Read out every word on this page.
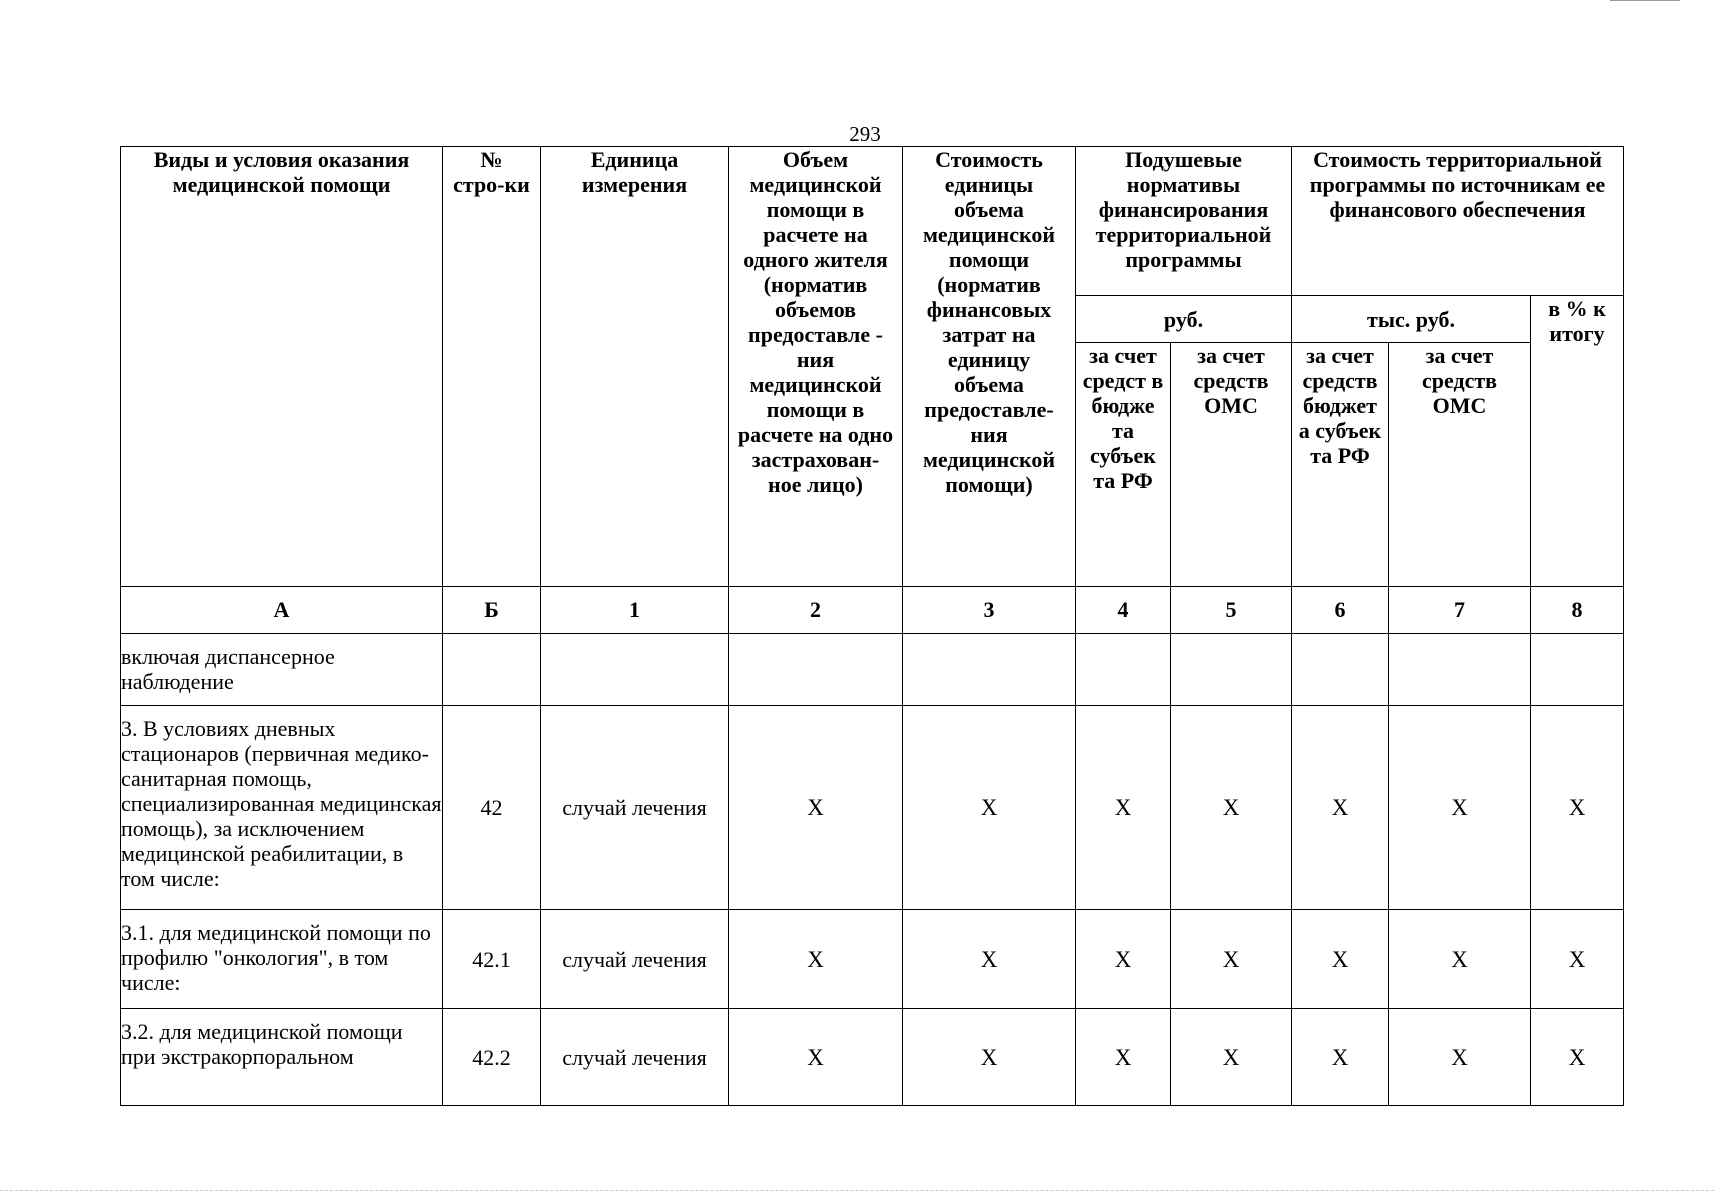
293
Виды и условия оказания медицинской помощи	№ стро-ки	Единица измерения	Объем медицинской помощи в расчете на одного жителя (норматив объемов предоставле - ния медицинской помощи в расчете на одно застрахован-ное лицо)	Стоимость единицы объема медицинской помощи (норматив финансовых затрат на единицу объема предоставле-ния медицинской помощи)	Подушевые нормативы финансирования территориальной программы		Стоимость территориальной программы по источникам ее финансового обеспечения		
					руб.		тыс. руб.		в % к итогу
					за счет средст в бюдже та субъек та РФ	за счет средств ОМС	за счет средств бюджет а субъек та РФ	за счет средств ОМС	
А	Б	1	2	3	4	5	6	7	8
включая диспансерное наблюдение									
3. В условиях дневных стационаров (первичная медико-санитарная помощь, специализированная медицинская помощь), за исключением медицинской реабилитации, в том числе:	42	случай лечения	X	X	X	X	X	X	X
3.1. для медицинской помощи по профилю "онкология", в том числе:	42.1	случай лечения	X	X	X	X	X	X	X
3.2. для медицинской помощи при экстракорпоральном	42.2	случай лечения	X	X	X	X	X	X	X
